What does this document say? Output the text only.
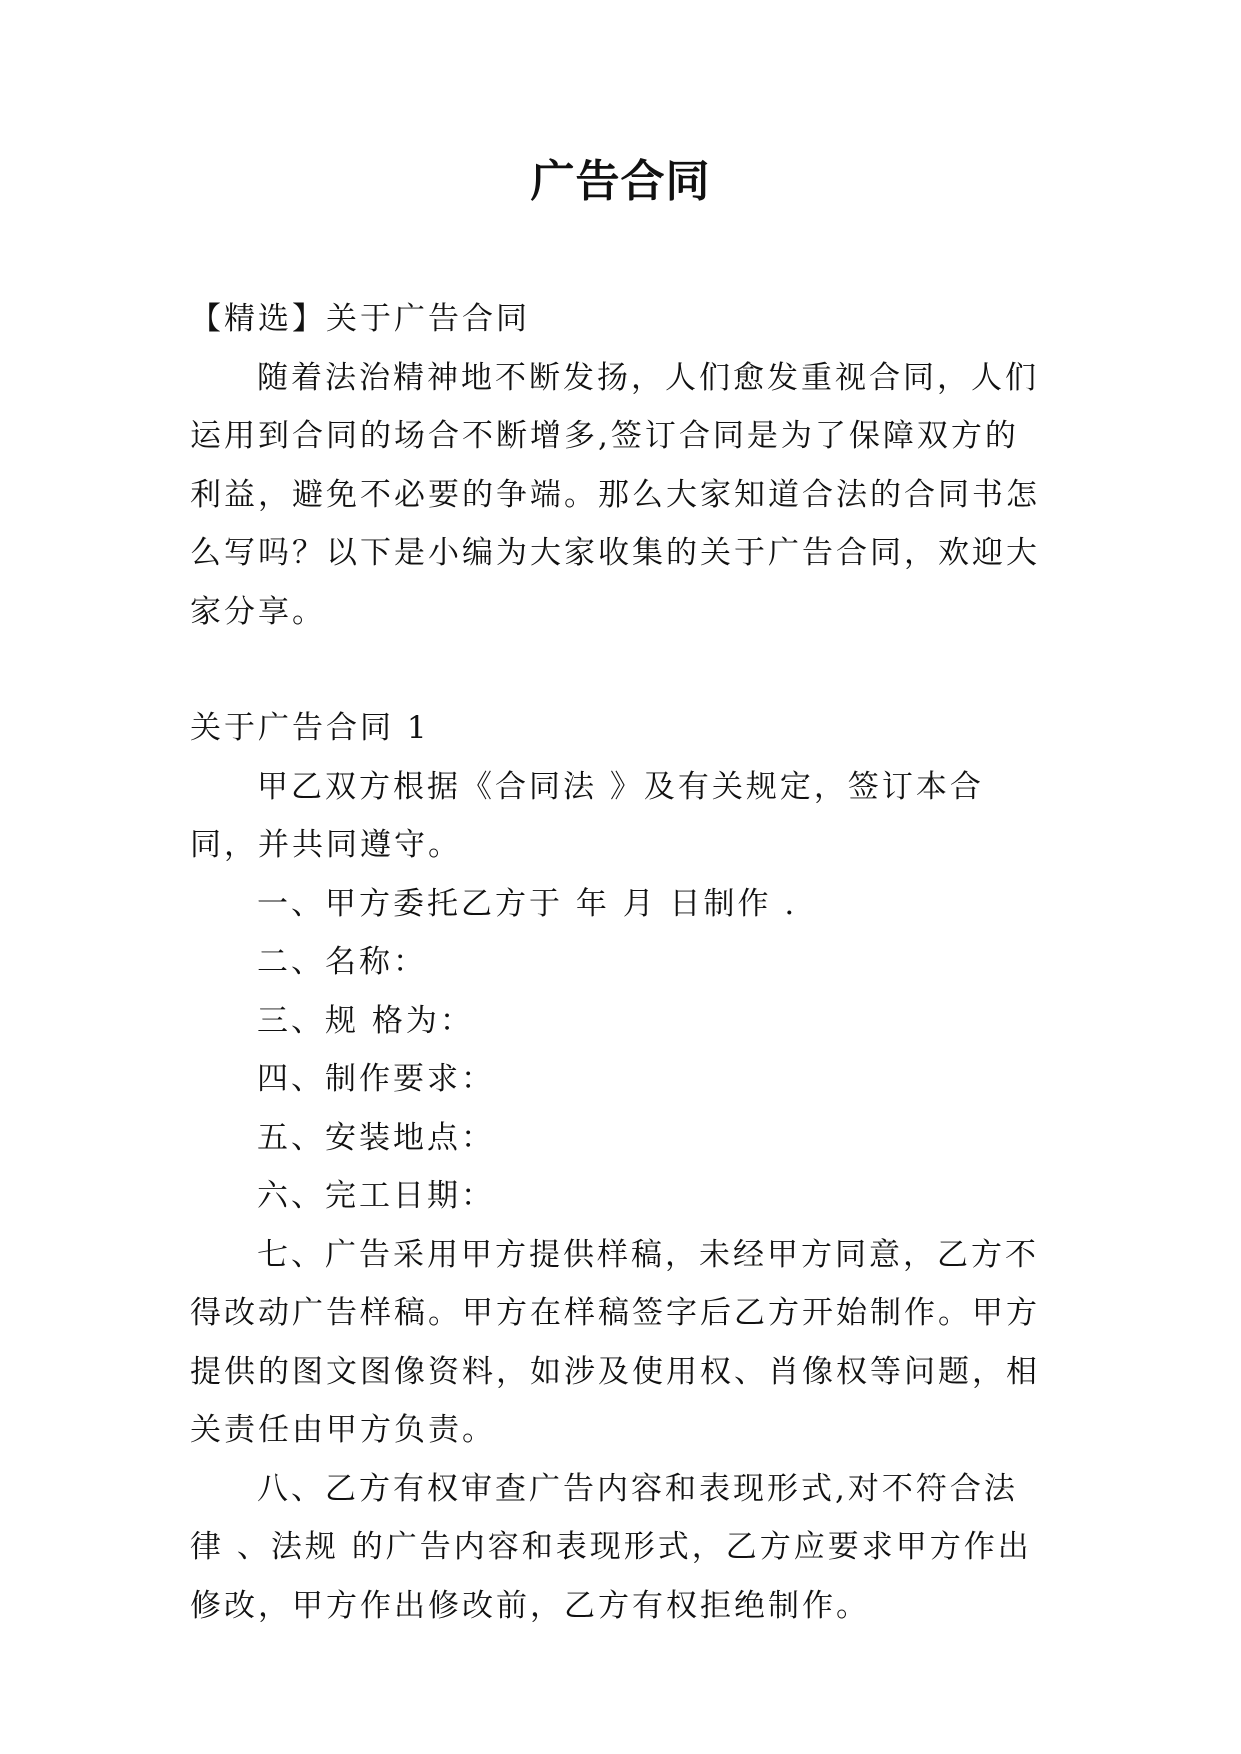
广告合同

【精选】关于广告合同

随着法治精神地不断发扬，人们愈发重视合同，人们运用到合同的场合不断增多,签订合同是为了保障双方的利益，避免不必要的争端。那么大家知道合法的合同书怎么写吗？以下是小编为大家收集的关于广告合同，欢迎大家分享。

关于广告合同 1

甲乙双方根据《合同法 》及有关规定，签订本合同，并共同遵守。

一、甲方委托乙方于 年 月 日制作 .

二、名称：

三、规 格为：

四、制作要求：

五、安装地点：

六、完工日期：

七、广告采用甲方提供样稿，未经甲方同意，乙方不得改动广告样稿。甲方在样稿签字后乙方开始制作。甲方提供的图文图像资料，如涉及使用权、肖像权等问题，相关责任由甲方负责。

八、乙方有权审查广告内容和表现形式,对不符合法律 、法规 的广告内容和表现形式，乙方应要求甲方作出修改，甲方作出修改前，乙方有权拒绝制作。
